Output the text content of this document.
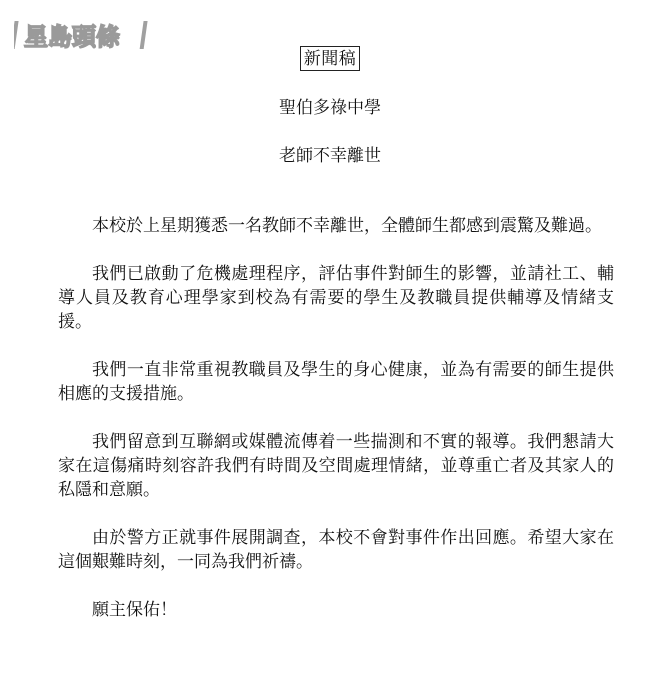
星島頭條
新聞稿
聖伯多祿中學
老師不幸離世

本校於上星期獲悉一名教師不幸離世，全體師生都感到震驚及難過。

我們已啟動了危機處理程序，評估事件對師生的影響，並請社工、輔導人員及教育心理學家到校為有需要的學生及教職員提供輔導及情緒支援。

我們一直非常重視教職員及學生的身心健康，並為有需要的師生提供相應的支援措施。

我們留意到互聯網或媒體流傳着一些揣測和不實的報導。我們懇請大家在這傷痛時刻容許我們有時間及空間處理情緒，並尊重亡者及其家人的私隱和意願。

由於警方正就事件展開調查，本校不會對事件作出回應。希望大家在這個艱難時刻，一同為我們祈禱。

願主保佑！
